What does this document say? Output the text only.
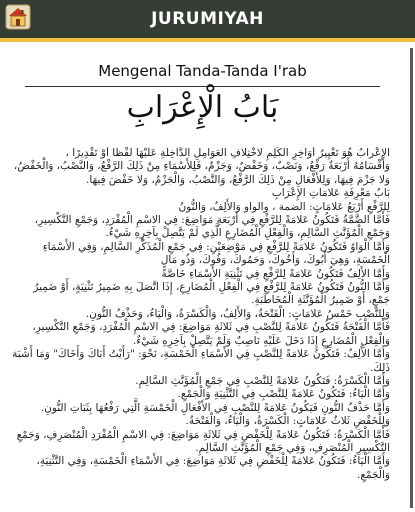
JURUMIYAH
Mengenal Tanda-Tanda I'rab
بَابُ الْإِعْرَابِ

الإِعْرابُ هُوَ تَغْيِيرُ أَوَاخِرِ الْكَلِمِ لاخْتِلافِ الْعَوَامِلِ الدَّاخِلَةِ عَلَيْهَا لَفْظًا أَوْ تَقْدِيرًا ،

وَأَقْسَامُهُ أَرْبَعَةٌ رَفْعٌ، وَنَصْبٌ، وَخَفْضٌ، وَجَزْمٌ، فَلِلأَسْمَاءِ مِنْ ذَلِكَ الرَّفْعُ، وَالنَّصْبُ، وَالْخَفْضُ، وَلا جَزْمَ فِيهَا، وَلِلأَفْعَالِ مِنْ ذَلِكَ الرَّفْعُ، وَالنَّصْبُ، وَالْجَزْمُ، وَلا خَفْضَ فِيهَا.

بَابُ مَعْرِفَةِ عَلامَاتِ الإِعْرَابِ

لِلرَّفْعِ أَرْبَعُ عَلامَاتٍ: الضمة ، والواو وَالأَلِفُ، وَالنُّونُ

فَأَمَّا الضَّمَّةُ فَتَكُونُ عَلامَةً لِلرَّفْعِ فِي أَرْبَعَةِ مَوَاضِعَ: فِي الاسْمِ الْمُفْرَدِ، وَجَمْعِ التَّكْسِيرِ، وَجَمْعِ الْمُؤَنَّثِ السَّالِمِ، وَالْفِعْلِ الْمُضَارِعِ الَّذِي لَمْ يَتَّصِلْ بِآخِرِهِ شَيْءٌ.

وَأَمَّا الْوَاوُ فَتَكُونُ عَلامَةً لِلرَّفْعِ فِي مَوْضِعَيْنِ: فِي جَمْعِ الْمُذَكَّرِ السَّالِمِ، وَفِي الأَسْمَاءِ الْخَمْسَةِ، وَهِيَ أَبُوكَ، وَأَخُوكَ، وَحَمُوكَ، وَفُوكَ، وَذُو مَالٍ

وَأَمَّا الأَلِفُ فَتَكُونُ عَلامَةً لِلرَّفْعِ فِي تَثْنِيَةِ الأَسْمَاءِ خَاصَّةً

وَأَمَّا النُّونُ فَتَكُونُ عَلامَةً لِلرَّفْعِ فِي الْفِعْلِ الْمُضَارِعِ، إِذَا اتَّصَلَ بِهِ ضَمِيرُ تَثْنِيَةٍ، أَوْ ضَمِيرُ جَمْعٍ، أَوْ ضَمِيرُ الْمُؤَنَّثَةِ الْمُخَاطَبَةِ.

وَلِلنَّصْبِ خَمْسُ عَلامَاتٍ: الْفَتْحَةُ، وَالأَلِفُ، وَالْكَسْرَةُ، وَالْيَاءُ، وَحَذْفُ النُّونِ.

فَأَمَّا الْفَتْحَةُ فَتَكُونُ عَلامَةً لِلنَّصْبِ فِي ثَلاثَةِ مَوَاضِعَ: فِي الاسْمِ الْمُفْرَدِ، وَجَمْعِ التَّكْسِيرِ، وَالْفِعْلِ الْمُضَارِعِ إِذَا دَخَلَ عَلَيْهِ نَاصِبٌ وَلَمْ يَتَّصِلْ بِآخِرِهِ شَيْءٌ.

وَأَمَّا الأَلِفُ: فَتَكُونُ عَلامَةً لِلنَّصْبِ فِي الأَسْمَاءِ الْخَمْسَةِ، نَحْوَ: "رَأَيْتُ أَبَاكَ وَأَخَاكَ" وَمَا أَشْبَهَ ذَلِكَ.

وَأَمَّا الْكَسْرَةُ: فَتَكُونُ عَلامَةً لِلنَّصْبِ فِي جَمْعِ الْمُؤَنَّثِ السَّالِمِ.

وَأَمَّا الْيَاءُ: فَتَكُونُ عَلامَةً لِلنَّصْبِ فِي التَّثْنِيَةِ وَالْجَمْعِ.

وَأَمَّا حَذْفُ النُّونِ فَيَكُونُ عَلامَةً لِلنَّصْبِ فِي الأَفْعَالِ الْخَمْسَةِ الَّتِي رَفْعُهَا بِثَبَاتِ النُّونِ.

وَلِلْخَفْضِ ثَلاثُ عَلامَاتٍ: الْكَسْرَةُ، وَالْيَاءُ، وَالْفَتْحَةُ.

فَأَمَّا الْكَسْرَةُ: فَتَكُونُ عَلامَةً لِلْخَفْضِ فِي ثَلاثَةِ مَوَاضِعَ: فِي الاسْمِ الْمُفْرَدِ الْمُنْصَرِفِ، وَجَمْعِ التَّكْسِيرِ الْمُنْصَرِفِ، وَفِي جَمْعِ الْمُؤَنَّثِ السَّالِمِ.

وَأَمَّا الْيَاءُ: فَتَكُونُ عَلامَةً لِلْخَفْضِ فِي ثَلاثَةِ مَوَاضِعَ: فِي الأَسْمَاءِ الْخَمْسَةِ، وَفِي التَّثْنِيَةِ، وَالْجَمْعِ.
